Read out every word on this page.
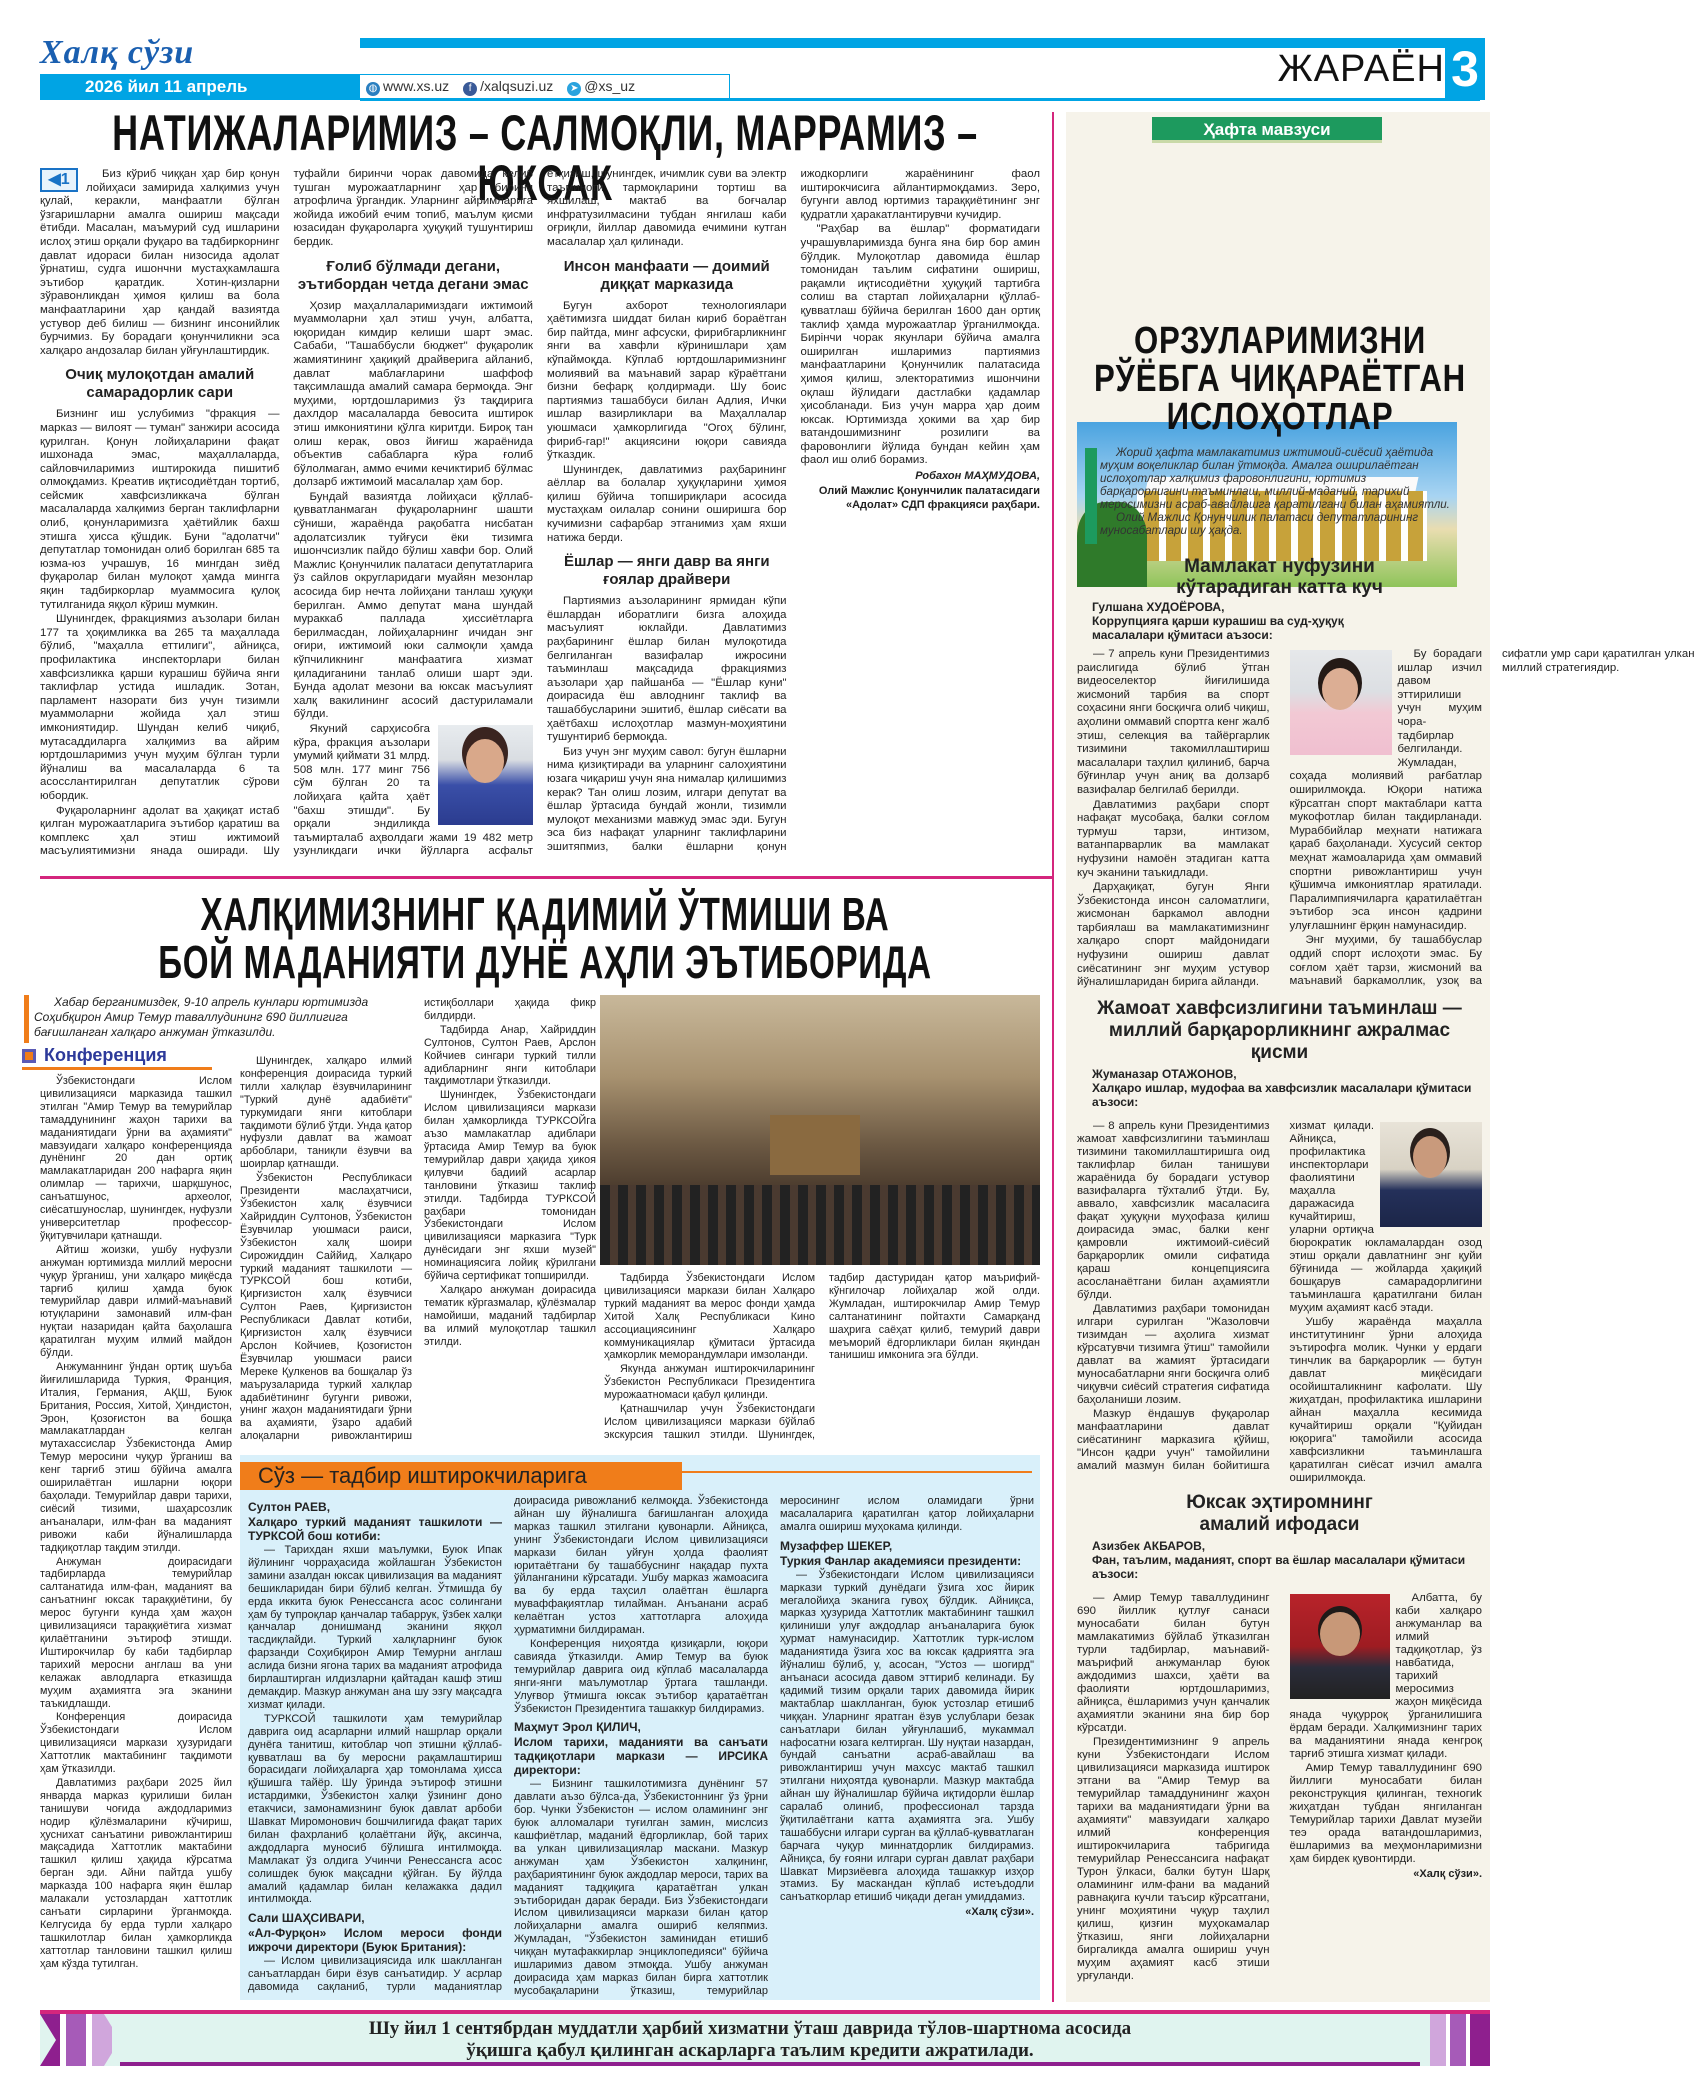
Халқ сўзи
2026 йил 11 апрель	◍ www.xs.uz	f /xalqsuzi.uz ➤ @xs_uz	ЖАРАЁН 3
НАТИЖАЛАРИМИЗ – САЛМОҚЛИ, МАРРАМИЗ – ЮКСАК
◀1	Биз кўриб чиққан ҳар бир қонун лойиҳаси замирида халқимиз учун қулай, керакли, манфаатли бўлган ўзгаришларни амалга ошириш мақсади ётибди. Масалан, маъмурий суд ишларини ислоҳ этиш орқали фуқаро ва тадбиркорнинг давлат идораси билан низосида адолат ўрнатиш, судга ишончни мустаҳкамлашга эътибор қаратдик. Хотин-қизларни зўравонликдан ҳимоя қилиш ва бола манфаатларини ҳар қандай вазиятда устувор деб билиш — бизнинг инсонийлик бурчимиз. Бу борадаги қонунчиликни эса халқаро андозалар билан уйғунлаштирдик.

Очиқ мулоқотдан амалий самарадорлик сари

Бизнинг иш услубимиз "фракция — марказ — вилоят — туман" занжири асосида қурилган. Қонун лойиҳаларини фақат ишхонада эмас, маҳаллаларда, сайловчиларимиз иштирокида пишитиб олмоқдамиз. Креатив иқтисодиётдан тортиб, сейсмик хавфсизликкача бўлган масалаларда халқимиз берган таклифларни олиб, қонунларимизга ҳаётийлик бахш этишга ҳисса қўшдик. Буни "адолатчи" депутатлар томонидан олиб борилган 685 та юзма-юз учрашув, 16 мингдан зиёд фуқаролар билан мулоқот ҳамда мингга яқин тадбиркорлар муаммосига қулоқ тутилганида яққол кўриш мумкин.

Шунингдек, фракциямиз аъзолари билан 177 та ҳоқимликка ва 265 та маҳаллада бўлиб, "маҳалла еттилиги", айниқса, профилактика инспекторлари билан хавфсизликка қарши курашиш бўйича янги таклифлар устида ишладик. Зотан, парламент назорати биз учун тизимли муаммоларни жойида ҳал этиш имкониятидир. Шундан келиб чиқиб, мутасаддиларга халқимиз ва айрим юртдошларимиз учун муҳим бўлган турли йўналиш ва масалаларда 6 та асосслантирилган депутатлик сўрови юбордик.

Фуқароларнинг адолат ва ҳақиқат истаб қилган мурожаатларига эътибор қаратиш ва комплекс ҳал этиш ижтимоий масъулиятимизни янада оширади. Шу туфайли биринчи чорак давомида келиб тушган мурожаатларнинг ҳар бирини атрофлича ўргандик. Уларнинг айримларига жойида ижобий ечим топиб, маълум қисми юзасидан фуқароларга ҳуқуқий тушунтириш бердик.

Ғолиб бўлмади дегани, эътибордан четда дегани эмас

Ҳозир маҳаллаларимиздаги ижтимоий муаммоларни ҳал этиш учун, албатта, юқоридан кимдир келиши шарт эмас. Сабаби, "Ташаббусли бюджет" фуқаролик жамиятининг ҳақиқий драйверига айланиб, давлат маблағларини шаффоф тақсимлашда амалий самара бермоқда. Энг муҳими, юртдошларимиз ўз тақдирига дахлдор масалаларда бевосита иштирок этиш имкониятини қўлга киритди. Бироқ тан олиш керак, овоз йиғиш жараёнида объектив сабабларга кўра ғолиб бўлолмаган, аммо ечими кечиктириб бўлмас долзарб ижтимоий масалалар ҳам бор.

Бундай вазиятда лойиҳаси қўллаб-қувватланмаган фуқароларнинг шашти сўниши, жараёнда рақобатга нисбатан адолатсизлик туйғуси ёки тизимга ишончсизлик пайдо бўлиш хавфи бор. Олий Мажлис Қонунчилик палатаси депутатларига ўз сайлов округларидаги муайян мезонлар асосида бир нечта лойиҳани танлаш ҳуқуқи берилган. Аммо депутат мана шундай мураккаб паллада ҳиссиётларга берилмасдан, лойиҳаларнинг ичидан энг оғири, ижтимоий юки салмоқли ҳамда кўпчиликнинг манфаатига хизмат қиладиганини танлаб олиши шарт эди. Бунда адолат мезони ва юксак масъулият халқ вакилининг асосий дастуриламали бўлди.

Якуний сарҳисобга кўра, фракция аъзолари умумий қиймати 31 млрд. 508 млн. 177 минг 756 сўм бўлган 20 та лойиҳага қайта ҳаёт "бахш этишди". Бу орқали эндиликда таъмирталаб аҳволдаги жами 19 482 метр узунликдаги ички йўлларга асфальт ётқизиш, шунингдек, ичимлик суви ва электр таъминоти тармоқларини тортиш ва яхшилаш, мактаб ва боғчалар инфратузилмасини тубдан янгилаш каби оғриқли, йиллар давомида ечимини кутган масалалар ҳал қилинади.

Инсон манфаати — доимий диққат марказида

Бугун ахборот технологиялари ҳаётимизга шиддат билан кириб бораётган бир пайтда, минг афсуски, фирибгарликнинг янги ва хавфли кўринишлари ҳам кўпаймоқда. Кўплаб юртдошларимизнинг молиявий ва маънавий зарар кўраётгани бизни бефарқ қолдирмади. Шу боис партиямиз ташаббуси билан Адлия, Ички ишлар вазирликлари ва Маҳаллалар уюшмаси ҳамкорлигида "Огоҳ бўлинг, фириб-гар!" акциясини юқори савияда ўтказдик.

Шунингдек, давлатимиз раҳбарининг аёллар ва болалар ҳуқуқларини ҳимоя қилиш бўйича топшириқлари асосида мустаҳкам оилалар сонини оширишга бор кучимизни сафарбар этганимиз ҳам яхши натижа берди.

Ёшлар — янги давр ва янги ғоялар драйвери

Партиямиз аъзоларининг ярмидан кўпи ёшлардан иборатлиги бизга алоҳида масъулият юклайди. Давлатимиз раҳбарининг ёшлар билан мулоқотида белгиланган вазифалар ижросини таъминлаш мақсадида фракциямиз аъзолари ҳар пайшанба — "Ёшлар куни" доирасида ёш авлоднинг таклиф ва ташаббусларини эшитиб, ёшлар сиёсати ва ҳаётбахш ислоҳотлар мазмун-моҳиятини тушунтириб бермоқда.

Биз учун энг муҳим савол: бугун ёшларни нима қизиқтиради ва уларнинг салоҳиятини юзага чиқариш учун яна нималар қилишимиз керак? Тан олиш лозим, илгари депутат ва ёшлар ўртасида бундай жонли, тизимли мулоқот механизми мавжуд эмас эди. Бугун эса биз нафақат уларнинг таклифларини эшитяпмиз, балки ёшларни қонун ижодкорлиги жараёнининг фаол иштирокчисига айлантирмоқдамиз. Зеро, бугунги авлод юртимиз тараққиётининг энг қудратли ҳаракатлантирувчи кучидир.

"Раҳбар ва ёшлар" форматидаги учрашувларимизда бунга яна бир бор амин бўлдик. Мулоқотлар давомида ёшлар томонидан таълим сифатини ошириш, рақамли иқтисодиётни ҳуқуқий тартибга солиш ва стартап лойиҳаларни қўллаб-қувватлаш бўйича берилган 1600 дан ортиқ таклиф ҳамда мурожаатлар ўрганилмоқда. Бирінчи чорак якунлари бўйича амалга оширилган ишларимиз партиямиз манфаатларини Қонунчилик палатасида ҳимоя қилиш, электоратимиз ишончини оқлаш йўлидаги дастлабки қадамлар ҳисобланади. Биз учун марра ҳар доим юксак. Юртимизда ҳокими ва ҳар бир ватандошимизнинг розилиги ва фаровонлиги йўлида бундан кейин ҳам фаол иш олиб борамиз.

Робахон МАҲМУДОВА,

Олий Мажлис Қонунчилик палатасидаги «Адолат» СДП фракцияси раҳбари.

ХАЛҚИМИЗНИНГ ҚАДИМИЙ ЎТМИШИ ВА
БОЙ МАДАНИЯТИ ДУНЁ АҲЛИ ЭЪТИБОРИДА
Хабар берганимиздек, 9-10 апрель кунлари юртимизда Соҳибқирон Амир Темур таваллудининг 690 йиллигига бағишланган халқаро анжуман ўтказилди.
Конференция

Ўзбекистондаги Ислом цивилизацияси марказида ташкил этилган "Амир Темур ва темурийлар тамаддунининг жаҳон тарихи ва маданиятидаги ўрни ва аҳамияти" мавзуидаги халқаро конференцияда дунёнинг 20 дан ортиқ мамлакатларидан 200 нафарга яқин олимлар — тарихчи, шарқшунос, санъатшунос, археолог, сиёсатшунослар, шунингдек, нуфузли университетлар профессор-ўқитувчилари қатнашди.

Айтиш жоизки, ушбу нуфузли анжуман юртимизда миллий меросни чуқур ўрганиш, уни халқаро миқёсда тарғиб қилиш ҳамда буюк темурийлар даври илмий-маънавий ютуқларини замонавий илм-фан нуқтаи назаридан қайта баҳолашга қаратилган муҳим илмий майдон бўлди.

Анжуманнинг ўндан ортиқ шуъба йиғилишларида Туркия, Франция, Италия, Германия, АҚШ, Буюк Британия, Россия, Хитой, Ҳиндистон, Эрон, Қозоғистон ва бошқа мамлакатлардан келган мутахассислар Ўзбекистонда Амир Темур меросини чуқур ўрганиш ва кенг тарғиб этиш бўйича амалга оширилаётган ишларни юқори баҳолади. Темурийлар даври тарихи, сиёсий тизими, шаҳарсозлик анъаналари, илм-фан ва маданият ривожи каби йўналишларда тадқиқотлар тақдим этилди.

Анжуман доирасидаги тадбирларда темурийлар салтанатида илм-фан, маданият ва санъатнинг юксак тараққиётини, бу мерос бугунги кунда ҳам жаҳон цивилизацияси тараққиётига хизмат қилаётганини эътироф этишди. Иштирокчилар бу каби тадбирлар тарихий меросни англаш ва уни келажак авлодларга етказишда муҳим аҳамиятга эга эканини таъкидлашди.

Конференция доирасида Ўзбекистондаги Ислом цивилизацияси маркази ҳузуридаги Хаттотлик мактабининг тақдимоти ҳам ўтказилди.

Давлатимиз раҳбари 2025 йил январда марказ қурилиши билан танишуви чоғида аждодларимиз нодир қўлёзмаларини кўчириш, ҳусниxат санъатини ривожлантириш мақсадида Хаттотлик мактабини ташкил қилиш ҳақида кўрсатма берган эди. Айни пайтда ушбу марказда 100 нафарга яқин ёшлар малакали устозлардан хаттотлик санъати сирларини ўрганмоқда. Келгусида бу ерда турли халқаро ташкилотлар билан ҳамкорликда хаттотлар танловини ташкил қилиш ҳам кўзда тутилган.

Шунингдек, халқаро илмий конференция доирасида туркий тилли халқлар ёзувчиларининг "Туркий дунё адабиёти" туркумидаги янги китоблари тақдимоти бўлиб ўтди. Унда қатор нуфузли давлат ва жамоат арбоблари, таниқли ёзувчи ва шоирлар қатнашди.

Ўзбекистон Республикаси Президенти маслаҳатчиси, Ўзбекистон халқ ёзувчиси Хайриддин Султонов, Ўзбекистон Ёзувчилар уюшмаси раиси, Ўзбекистон халқ шоири Сирожиддин Саййид, Халқаро туркий маданият ташкилоти — ТУРКСОЙ бош котиби, Қирғизистон халқ ёзувчиси Султон Раев, Қирғизистон Республикаси Давлат котиби, Қирғизистон халқ ёзувчиси Арслон Койчиев, Қозоғистон Ёзувчилар уюшмаси раиси Мереке Қулкенов ва бошқалар ўз маърузаларида туркий халқлар адабиётининг бугунги ривожи, унинг жаҳон маданиятидаги ўрни ва аҳамияти, ўзаро адабий алоқаларни ривожлантириш истиқболлари ҳақида фикр билдирди.

Тадбирда Анар, Хайриддин Султонов, Султон Раев, Арслон Койчиев сингари туркий тилли адибларнинг янги китоблари тақдимотлари ўтказилди.

Шунингдек, Ўзбекистондаги Ислом цивилизацияси маркази билан ҳамкорликда ТУРКСОЙга аъзо мамлакатлар адиблари ўртасида Амир Темур ва буюк темурийлар даври ҳақида ҳикоя қилувчи бадиий асарлар танловини ўтказиш таклиф этилди. Тадбирда ТУРКСОЙ раҳбари томонидан Ўзбекистондаги Ислом цивилизацияси марказига "Турк дунёсидаги энг яхши музей" номинациясига лойиқ кўрилгани бўйича сертификат топширилди.

Халқаро анжуман доирасида тематик кўргазмалар, қўлёзмалар намойиши, маданий тадбирлар ва илмий мулоқотлар ташкил этилди.

Тадбирда Ўзбекистондаги Ислом цивилизацияси маркази билан Халқаро туркий маданият ва мерос фонди ҳамда Хитой Халқ Республикаси Кино ассоциациясининг Халқаро коммуникациялар қўмитаси ўртасида ҳамкорлик меморандумлари имзоланди.

Якунда анжуман иштирокчиларининг Ўзбекистон Республикаси Президентига мурожаатномаси қабул қилинди.

Қатнашчилар учун Ўзбекистондаги Ислом цивилизацияси маркази бўйлаб экскурсия ташкил этилди. Шунингдек, тадбир дастуридан қатор маърифий-кўнгилочар лойиҳалар жой олди. Жумладан, иштирокчилар Амир Темур салтанатининг пойтахти Самарқанд шаҳрига саёҳат қилиб, темурий даври меъморий ёдгорликлари билан яқиндан танишиш имконига эга бўлди.

Сўз — тадбир иштирокчиларига

Султон РАЕВ,

Халқаро туркий маданият ташкилоти — ТУРКСОЙ бош котиби:

— Тарихдан яхши маълумки, Буюк Ипак йўлининг чорраҳасида жойлашган Ўзбекистон замини азалдан юксак цивилизация ва маданият бешикларидан бири бўлиб келган. Ўтмишда бу ерда иккита буюк Ренессансга асос солингани ҳам бу тупроқлар қанчалар табаррук, ўзбек халқи қанчалар донишманд эканини яққол тасдиқлайди. Туркий халқларнинг буюк фарзанди Соҳибқирон Амир Темурни англаш аслида бизни ягона тарих ва маданият атрофида бирлаштирган илдизларни қайтадан кашф этиш демакдир. Мазкур анжуман ана шу эзгу мақсадга хизмат қилади.

ТУРКСОЙ ташкилоти ҳам темурийлар даврига оид асарларни илмий нашрлар орқали дунёга танитиш, китоблар чоп этишни қўллаб-қувватлаш ва бу меросни рақамлаштириш борасидаги лойиҳаларга ҳар томонлама ҳисса қўшишга тайёр. Шу ўринда эътироф этишни истардимки, Ўзбекистон халқи ўзининг доно етакчиси, замонамизнинг буюк давлат арбоби Шавкат Миромонович бошчилигида фақат тарих билан фахрланиб қолаётгани йўқ, аксинча, аждодларга муносиб бўлишга интилмоқда. Мамлакат ўз олдига Учинчи Ренессансга асос солишдек буюк мақсадни қўйган. Бу йўлда амалий қадамлар билан келажакка дадил интилмоқда.

Сали ШАҲСИВАРИ,

«Ал-Фурқон» Ислом мероси фонди ижрочи директори (Буюк Британия):

— Ислом цивилизациясида илк шаклланган санъатлардан бири ёзув санъатидир. У асрлар давомида сақланиб, турли маданиятлар доирасида ривожланиб келмоқда. Ўзбекистонда айнан шу йўналишга бағишланган алоҳида марказ ташкил этилгани қувонарли. Айниқса, унинг Ўзбекистондаги Ислом цивилизацияси маркази билан уйғун ҳолда фаолият юритаётгани бу ташаббуснинг нақадар пухта ўйланганини кўрсатади. Ушбу марказ жамоасига ва бу ерда таҳсил олаётган ёшларга муваффақиятлар тилайман. Анъанани асраб келаётган устоз хаттотларга алоҳида ҳурматимни билдираман.

Конференция ниҳоятда қизиқарли, юқори савияда ўтказилди. Амир Темур ва буюк темурийлар даврига оид кўплаб масалаларда янги-янги маълумотлар ўртага ташланди. Улуғвор ўтмишга юксак эътибор қаратаётган Ўзбекистон Президентига ташаккур билдирамиз.

Маҳмут Эрол ҚИЛИЧ,

Ислом тарихи, маданияти ва санъати тадқиқотлари маркази — ИРСИКА директори:

— Бизнинг ташкилотимизга дунёнинг 57 давлати аъзо бўлса-да, Ўзбекистоннинг ўз ўрни бор. Чунки Ўзбекистон — ислом оламининг энг буюк алломалари туғилган замин, мислсиз кашфиётлар, маданий ёдгорликлар, бой тарих ва улкан цивилизациялар маскани. Мазкур анжуман ҳам Ўзбекистон халқининг, раҳбариятининг буюк аждодлар мероси, тарих ва маданият тадқиқига қаратаётган улкан эътиборидан дарак беради. Биз Ўзбекистондаги Ислом цивилизацияси маркази билан қатор лойиҳаларни амалга ошириб келяпмиз. Жумладан, "Ўзбекистон заминидан етишиб чиққан мутафаккирлар энциклопедияси" бўйича ишларимиз давом этмоқда. Ушбу анжуман доирасида ҳам марказ билан бирга хаттотлик мусобақаларини ўтказиш, темурийлар меросининг ислом оламидаги ўрни масалаларига қаратилган қатор лойиҳаларни амалга ошириш муҳокама қилинди.

Музаффер ШЕКЕР,

Туркия Фанлар академияси президенти:

— Ўзбекистондаги Ислом цивилизацияси маркази туркий дунёдаги ўзига хос йирик мегалойиҳа эканига гувоҳ бўлдик. Айниқса, марказ ҳузурида Хаттотлик мактабининг ташкил қилиниши улуғ аждодлар анъаналарига буюк ҳурмат намунасидир. Хаттотлик турк-ислом маданиятида ўзига хос ва юксак қадриятга эга йўналиш бўлиб, у, асосан, "Устоз — шогирд" анъанаси асосида давом эттириб келинади. Бу қадимий тизим орқали тарих давомида йирик мактаблар шаклланган, буюк устозлар етишиб чиққан. Уларнинг яратган ёзув услублари безак санъатлари билан уйғунлашиб, мукаммал нафосатни юзага келтирган. Шу нуқтаи назардан, бундай санъатни асраб-авайлаш ва ривожлантириш учун махсус мактаб ташкил этилгани ниҳоятда қувонарли. Мазкур мактабда айнан шу йўналишлар бўйича иқтидорли ёшлар саралаб олиниб, профессионал тарзда ўқитилаётгани катта аҳамиятга эга. Ушбу ташаббусни илгари сурган ва қўллаб-қувватлаган барчага чуқур миннатдорлик билдирамиз. Айниқса, бу ғояни илгари сурган давлат раҳбари Шавкат Мирзиёевга алоҳида ташаккур изҳор этамиз. Бу маскандан кўплаб истеъдодли санъаткорлар етишиб чиқади деган умиддамиз.

«Халқ сўзи».

Ҳафта мавзуси
ОРЗУЛАРИМИЗНИ РЎЁБГА ЧИҚАРАЁТГАН ИСЛОҲОТЛАР

Жорий ҳафта мамлакатимиз ижтимоий-сиёсий ҳаётида муҳим воқеликлар билан ўтмоқда. Амалга оширилаётган ислоҳотлар халқимиз фаровонлигини, юртимиз барқарорлигини таъминлаш, миллий-маданий, тарихий меросимизни асраб-авайлашга қаратилгани билан аҳамиятли.

Олий Мажлис Қонунчилик палатаси депутатларининг муносабатлари шу ҳақда.

Мамлакат нуфузини кўтарадиган катта куч
Гулшана ХУДОЁРОВА,
Коррупцияга қарши курашиш ва суд-ҳуқуқ масалалари қўмитаси аъзоси:

— 7 апрель куни Президентимиз раислигида бўлиб ўтган видеоселектор йиғилишида жисмоний тарбия ва спорт соҳасини янги босқичга олиб чиқиш, аҳолини оммавий спортга кенг жалб этиш, селекция ва тайёргарлик тизимини такомиллаштириш масалалари таҳлил қилиниб, барча бўғинлар учун аниқ ва долзарб вазифалар белгилаб берилди.

Давлатимиз раҳбари спорт нафақат мусобақа, балки соғлом турмуш тарзи, интизом, ватанпарварлик ва мамлакат нуфузини намоён этадиган катта куч эканини таъкидлади.

Дарҳақиқат, бугун Янги Ўзбекистонда инсон саломатлиги, жисмонан баркамол авлодни тарбиялаш ва мамлакатимизнинг халқаро спорт майдонидаги нуфузини ошириш давлат сиёсатининг энг муҳим устувор йўналишларидан бирига айланди.

Бу борадаги ишлар изчил давом эттирилиши учун муҳим чора-тадбирлар белгиланди. Жумладан, соҳада молиявий рағбатлар оширилмоқда. Юқори натижа кўрсатган спорт мактаблари катта мукофотлар билан тақдирланади. Мураббийлар меҳнати натижага қараб баҳоланади. Хусусий сектор меҳнат жамоаларида ҳам оммавий спортни ривожлантириш учун қўшимча имкониятлар яратилади. Паралимпиячиларга қаратилаётган эътибор эса инсон қадрини улуғлашнинг ёрқин намунасидир.

Энг муҳими, бу ташаббуслар оддий спорт ислоҳоти эмас. Бу соғлом ҳаёт тарзи, жисмоний ва маънавий баркамоллик, узоқ ва сифатли умр сари қаратилган улкан миллий стратегиядир.

Жамоат хавфсизлигини таъминлаш — миллий барқарорликнинг ажралмас қисми
Жуманазар ОТАЖОНОВ,
Халқаро ишлар, мудофаа ва хавфсизлик масалалари қўмитаси аъзоси:

— 8 апрель куни Президентимиз жамоат хавфсизлигини таъминлаш тизимини такомиллаштиришга оид таклифлар билан танишуви жараёнида бу борадаги устувор вазифаларга тўхталиб ўтди. Бу, аввало, хавфсизлик масаласига фақат ҳуқуқни муҳофаза қилиш доирасида эмас, балки кенг қамровли ижтимоий-сиёсий барқарорлик омили сифатида қараш концепциясига асосланаётгани билан аҳамиятли бўлди.

Давлатимиз раҳбари томонидан илгари сурилган "Жазоловчи тизимдан — аҳолига хизмат кўрсатувчи тизимга ўтиш" тамойили давлат ва жамият ўртасидаги муносабатларни янги босқичга олиб чиқувчи сиёсий стратегия сифатида баҳоланиши лозим.

Мазкур ёндашув фуқаролар манфаатларини давлат сиёсатининг марказига қўйиш, "Инсон қадри учун" тамойилини амалий мазмун билан бойитишга хизмат қилади. Айниқса, профилактика инспекторлари фаолиятини маҳалла даражасида кучайтириш, уларни ортиқча бюрократик юкламалардан озод этиш орқали давлатнинг энг қуйи бўғинида — жойларда ҳақиқий бошқарув самарадорлигини таъминлашга қаратилгани билан муҳим аҳамият касб этади.

Ушбу жараёнда маҳалла институтининг ўрни алоҳида эътирофга молик. Чунки у ердаги тинчлик ва барқарорлик — бутун давлат миқёсидаги осойишталикнинг кафолати. Шу жиҳатдан, профилактика ишларини айнан маҳалла кесимида кучайтириш орқали "Қуйидан юқорига" тамойили асосида хавфсизликни таъминлашга қаратилган сиёсат изчил амалга оширилмоқда.

Юксак эҳтиромнинг амалий ифодаси
Азизбек АКБАРОВ,
Фан, таълим, маданият, спорт ва ёшлар масалалари қўмитаси аъзоси:

— Амир Темур таваллудининг 690 йиллик қутлуғ санаси муносабати билан бутун мамлакатимиз бўйлаб ўтказилган турли тадбирлар, маънавий-маърифий анжуманлар буюк аждодимиз шахси, ҳаёти ва фаолияти юртдошларимиз, айниқса, ёшларимиз учун қанчалик аҳамиятли эканини яна бир бор кўрсатди.

Президентимизнинг 9 апрель куни Ўзбекистондаги Ислом цивилизацияси марказида иштирок этгани ва "Амир Темур ва темурийлар тамаддунининг жаҳон тарихи ва маданиятидаги ўрни ва аҳамияти" мавзуидаги халқаро илмий конференция иштирокчиларига табригида темурийлар Ренессансига нафақат Турон ўлкаси, балки бутун Шарқ оламининг илм-фани ва маданий равнақига кучли таъсир кўрсатгани, унинг моҳиятини чуқур таҳлил қилиш, қизғин муҳокамалар ўтказиш, янги лойиҳаларни биргаликда амалга ошириш учун муҳим аҳамият касб этиши урғуланди.

Албатта, бу каби халқаро анжуманлар ва илмий тадқиқотлар, ўз навбатида, тарихий меросимиз жаҳон миқёсида янада чуқурроқ ўрганилишига ёрдам беради. Халқимизнинг тарих ва маданиятини янада кенгроқ тарғиб этишга хизмат қилади.

Амир Темур таваллудининг 690 йиллиги муносабати билан реконструкция қилинган, техногиk жиҳатдан тубдан янгиланган Темурийлар тарихи Давлат музейи теэ орада ватандошларимиз, ёшларимиз ва меҳмонларимизни ҳам бирдек қувонтирди.

«Халқ сўзи».

Шу йил 1 сентябрдан муддатли ҳарбий хизматни ўташ даврида тўлов-шартнома асосида
ўқишга қабул қилинган аскарларга таълим кредити ажратилади.
